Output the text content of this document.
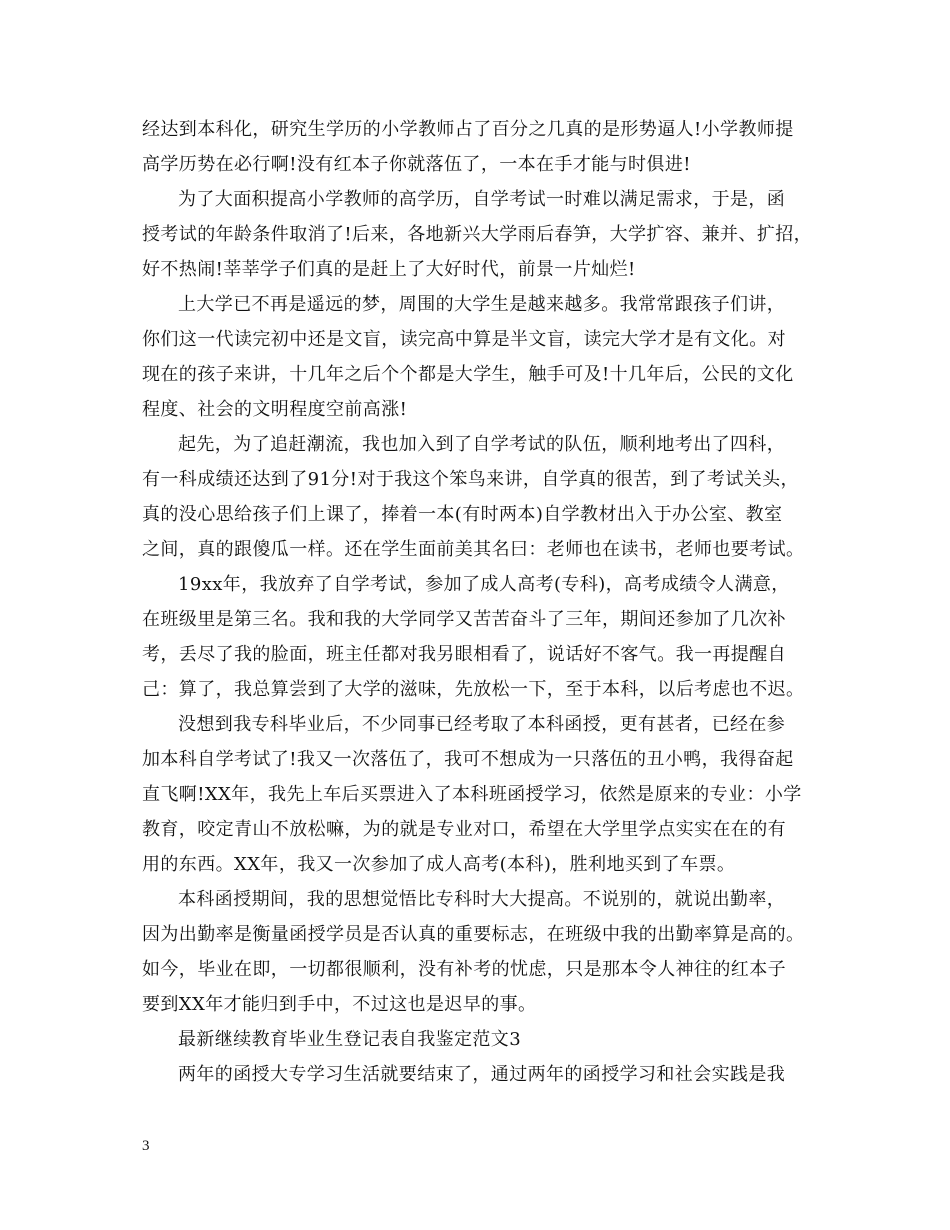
经达到本科化，研究生学历的小学教师占了百分之几真的是形势逼人!小学教师提
高学历势在必行啊!没有红本子你就落伍了，一本在手才能与时俱进!
为了大面积提高小学教师的高学历，自学考试一时难以满足需求，于是，函
授考试的年龄条件取消了!后来，各地新兴大学雨后春笋，大学扩容、兼并、扩招，
好不热闹!莘莘学子们真的是赶上了大好时代，前景一片灿烂!
上大学已不再是遥远的梦，周围的大学生是越来越多。我常常跟孩子们讲，
你们这一代读完初中还是文盲，读完高中算是半文盲，读完大学才是有文化。对
现在的孩子来讲，十几年之后个个都是大学生，触手可及!十几年后，公民的文化
程度、社会的文明程度空前高涨!
起先，为了追赶潮流，我也加入到了自学考试的队伍，顺利地考出了四科，
有一科成绩还达到了91分!对于我这个笨鸟来讲，自学真的很苦，到了考试关头，
真的没心思给孩子们上课了，捧着一本(有时两本)自学教材出入于办公室、教室
之间，真的跟傻瓜一样。还在学生面前美其名曰：老师也在读书，老师也要考试。
19xx年，我放弃了自学考试，参加了成人高考(专科)，高考成绩令人满意，
在班级里是第三名。我和我的大学同学又苦苦奋斗了三年，期间还参加了几次补
考，丢尽了我的脸面，班主任都对我另眼相看了，说话好不客气。我一再提醒自
己：算了，我总算尝到了大学的滋味，先放松一下，至于本科，以后考虑也不迟。
没想到我专科毕业后，不少同事已经考取了本科函授，更有甚者，已经在参
加本科自学考试了!我又一次落伍了，我可不想成为一只落伍的丑小鸭，我得奋起
直飞啊!XX年，我先上车后买票进入了本科班函授学习，依然是原来的专业：小学
教育，咬定青山不放松嘛，为的就是专业对口，希望在大学里学点实实在在的有
用的东西。XX年，我又一次参加了成人高考(本科)，胜利地买到了车票。
本科函授期间，我的思想觉悟比专科时大大提高。不说别的，就说出勤率，
因为出勤率是衡量函授学员是否认真的重要标志，在班级中我的出勤率算是高的。
如今，毕业在即，一切都很顺利，没有补考的忧虑，只是那本令人神往的红本子
要到XX年才能归到手中，不过这也是迟早的事。
最新继续教育毕业生登记表自我鉴定范文3
两年的函授大专学习生活就要结束了，通过两年的函授学习和社会实践是我
3
